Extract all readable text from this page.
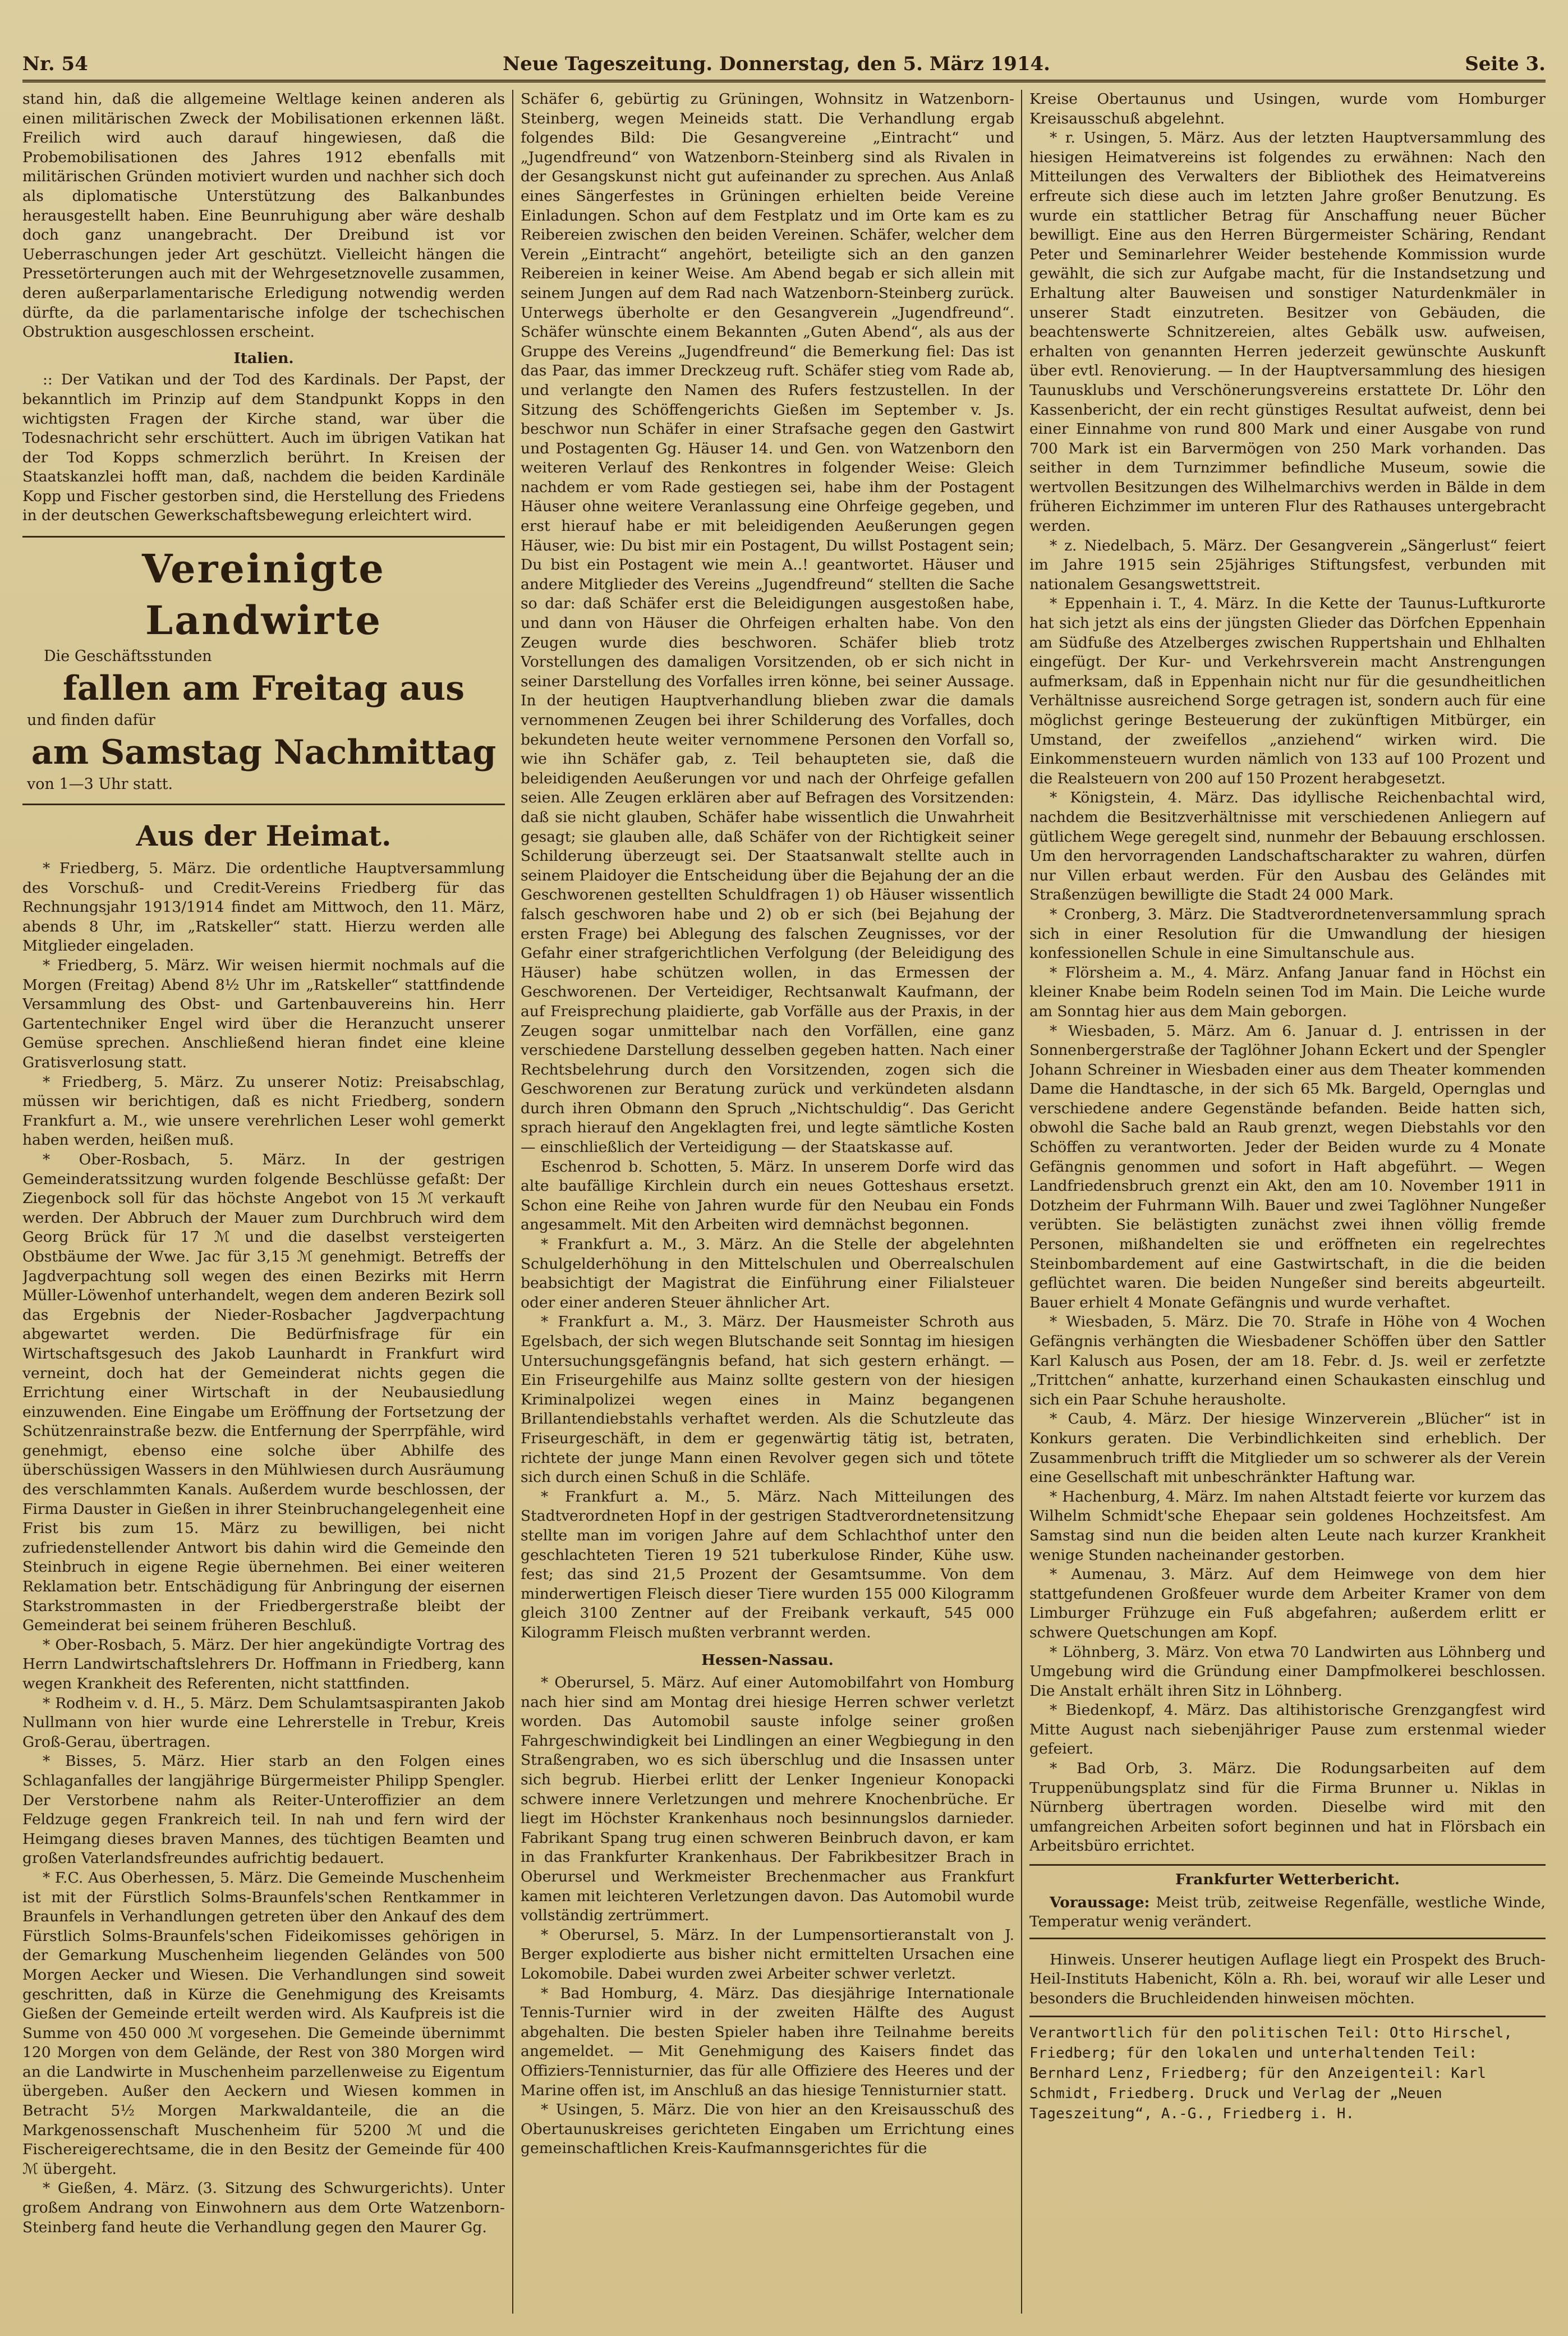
Nr. 54	Neue Tageszeitung. Donnerstag, den 5. März 1914.	Seite 3.

stand hin, daß die allgemeine Weltlage keinen anderen als einen militärischen Zweck der Mobilisationen erkennen läßt. Freilich wird auch darauf hingewiesen, daß die Probemobilisationen des Jahres 1912 ebenfalls mit militärischen Gründen motiviert wurden und nachher sich doch als diplomatische Unterstützung des Balkanbundes herausgestellt haben. Eine Beunruhigung aber wäre deshalb doch ganz unangebracht. Der Dreibund ist vor Ueberraschungen jeder Art geschützt. Vielleicht hängen die Pressetörterungen auch mit der Wehrgesetznovelle zusammen, deren außerparlamentarische Erledigung notwendig werden dürfte, da die parlamentarische infolge der tschechischen Obstruktion ausgeschlossen erscheint.

Italien.

:: Der Vatikan und der Tod des Kardinals. Der Papst, der bekanntlich im Prinzip auf dem Standpunkt Kopps in den wichtigsten Fragen der Kirche stand, war über die Todesnachricht sehr erschüttert. Auch im übrigen Vatikan hat der Tod Kopps schmerzlich berührt. In Kreisen der Staatskanzlei hofft man, daß, nachdem die beiden Kardinäle Kopp und Fischer gestorben sind, die Herstellung des Friedens in der deutschen Gewerkschaftsbewegung erleichtert wird.

Vereinigte Landwirte
Die Geschäftsstunden
fallen am Freitag aus
und finden dafür
am Samstag Nachmittag
von 1—3 Uhr statt.
Aus der Heimat.

* Friedberg, 5. März. Die ordentliche Hauptversammlung des Vorschuß- und Credit-Vereins Friedberg für das Rechnungsjahr 1913/1914 findet am Mittwoch, den 11. März, abends 8 Uhr, im „Ratskeller“ statt. Hierzu werden alle Mitglieder eingeladen.

* Friedberg, 5. März. Wir weisen hiermit nochmals auf die Morgen (Freitag) Abend 8½ Uhr im „Ratskeller“ stattfindende Versammlung des Obst- und Gartenbauvereins hin. Herr Gartentechniker Engel wird über die Heranzucht unserer Gemüse sprechen. Anschließend hieran findet eine kleine Gratisverlosung statt.

* Friedberg, 5. März. Zu unserer Notiz: Preisabschlag, müssen wir berichtigen, daß es nicht Friedberg, sondern Frankfurt a. M., wie unsere verehrlichen Leser wohl gemerkt haben werden, heißen muß.

* Ober-Rosbach, 5. März. In der gestrigen Gemeinderatssitzung wurden folgende Beschlüsse gefaßt: Der Ziegenbock soll für das höchste Angebot von 15 ℳ verkauft werden. Der Abbruch der Mauer zum Durchbruch wird dem Georg Brück für 17 ℳ und die daselbst versteigerten Obstbäume der Wwe. Jac für 3,15 ℳ genehmigt. Betreffs der Jagdverpachtung soll wegen des einen Bezirks mit Herrn Müller-Löwenhof unterhandelt, wegen dem anderen Bezirk soll das Ergebnis der Nieder-Rosbacher Jagdverpachtung abgewartet werden. Die Bedürfnisfrage für ein Wirtschaftsgesuch des Jakob Launhardt in Frankfurt wird verneint, doch hat der Gemeinderat nichts gegen die Errichtung einer Wirtschaft in der Neubausiedlung einzuwenden. Eine Eingabe um Eröffnung der Fortsetzung der Schützenrainstraße bezw. die Entfernung der Sperrpfähle, wird genehmigt, ebenso eine solche über Abhilfe des überschüssigen Wassers in den Mühlwiesen durch Ausräumung des verschlammten Kanals. Außerdem wurde beschlossen, der Firma Dauster in Gießen in ihrer Steinbruchangelegenheit eine Frist bis zum 15. März zu bewilligen, bei nicht zufriedenstellender Antwort bis dahin wird die Gemeinde den Steinbruch in eigene Regie übernehmen. Bei einer weiteren Reklamation betr. Entschädigung für Anbringung der eisernen Starkstrommasten in der Friedbergerstraße bleibt der Gemeinderat bei seinem früheren Beschluß.

* Ober-Rosbach, 5. März. Der hier angekündigte Vortrag des Herrn Landwirtschaftslehrers Dr. Hoffmann in Friedberg, kann wegen Krankheit des Referenten, nicht stattfinden.

* Rodheim v. d. H., 5. März. Dem Schulamtsaspiranten Jakob Nullmann von hier wurde eine Lehrerstelle in Trebur, Kreis Groß-Gerau, übertragen.

* Bisses, 5. März. Hier starb an den Folgen eines Schlaganfalles der langjährige Bürgermeister Philipp Spengler. Der Verstorbene nahm als Reiter-Unteroffizier an dem Feldzuge gegen Frankreich teil. In nah und fern wird der Heimgang dieses braven Mannes, des tüchtigen Beamten und großen Vaterlandsfreundes aufrichtig bedauert.

* F.C. Aus Oberhessen, 5. März. Die Gemeinde Muschenheim ist mit der Fürstlich Solms-Braunfels'schen Rentkammer in Braunfels in Verhandlungen getreten über den Ankauf des dem Fürstlich Solms-Braunfels'schen Fideikomisses gehörigen in der Gemarkung Muschenheim liegenden Geländes von 500 Morgen Aecker und Wiesen. Die Verhandlungen sind soweit geschritten, daß in Kürze die Genehmigung des Kreisamts Gießen der Gemeinde erteilt werden wird. Als Kaufpreis ist die Summe von 450 000 ℳ vorgesehen. Die Gemeinde übernimmt 120 Morgen von dem Gelände, der Rest von 380 Morgen wird an die Landwirte in Muschenheim parzellenweise zu Eigentum übergeben. Außer den Aeckern und Wiesen kommen in Betracht 5½ Morgen Markwaldanteile, die an die Markgenossenschaft Muschenheim für 5200 ℳ und die Fischereigerechtsame, die in den Besitz der Gemeinde für 400 ℳ übergeht.

* Gießen, 4. März. (3. Sitzung des Schwurgerichts). Unter großem Andrang von Einwohnern aus dem Orte Watzenborn-Steinberg fand heute die Verhandlung gegen den Maurer Gg.

Schäfer 6, gebürtig zu Grüningen, Wohnsitz in Watzenborn-Steinberg, wegen Meineids statt. Die Verhandlung ergab folgendes Bild: Die Gesangvereine „Eintracht“ und „Jugendfreund“ von Watzenborn-Steinberg sind als Rivalen in der Gesangskunst nicht gut aufeinander zu sprechen. Aus Anlaß eines Sängerfestes in Grüningen erhielten beide Vereine Einladungen. Schon auf dem Festplatz und im Orte kam es zu Reibereien zwischen den beiden Vereinen. Schäfer, welcher dem Verein „Eintracht“ angehört, beteiligte sich an den ganzen Reibereien in keiner Weise. Am Abend begab er sich allein mit seinem Jungen auf dem Rad nach Watzenborn-Steinberg zurück. Unterwegs überholte er den Gesangverein „Jugendfreund“. Schäfer wünschte einem Bekannten „Guten Abend“, als aus der Gruppe des Vereins „Jugendfreund“ die Bemerkung fiel: Das ist das Paar, das immer Dreckzeug ruft. Schäfer stieg vom Rade ab, und verlangte den Namen des Rufers festzustellen. In der Sitzung des Schöffengerichts Gießen im September v. Js. beschwor nun Schäfer in einer Strafsache gegen den Gastwirt und Postagenten Gg. Häuser 14. und Gen. von Watzenborn den weiteren Verlauf des Renkontres in folgender Weise: Gleich nachdem er vom Rade gestiegen sei, habe ihm der Postagent Häuser ohne weitere Veranlassung eine Ohrfeige gegeben, und erst hierauf habe er mit beleidigenden Aeußerungen gegen Häuser, wie: Du bist mir ein Postagent, Du willst Postagent sein; Du bist ein Postagent wie mein A..! geantwortet. Häuser und andere Mitglieder des Vereins „Jugendfreund“ stellten die Sache so dar: daß Schäfer erst die Beleidigungen ausgestoßen habe, und dann von Häuser die Ohrfeigen erhalten habe. Von den Zeugen wurde dies beschworen. Schäfer blieb trotz Vorstellungen des damaligen Vorsitzenden, ob er sich nicht in seiner Darstellung des Vorfalles irren könne, bei seiner Aussage. In der heutigen Hauptverhandlung blieben zwar die damals vernommenen Zeugen bei ihrer Schilderung des Vorfalles, doch bekundeten heute weiter vernommene Personen den Vorfall so, wie ihn Schäfer gab, z. Teil behaupteten sie, daß die beleidigenden Aeußerungen vor und nach der Ohrfeige gefallen seien. Alle Zeugen erklären aber auf Befragen des Vorsitzenden: daß sie nicht glauben, Schäfer habe wissentlich die Unwahrheit gesagt; sie glauben alle, daß Schäfer von der Richtigkeit seiner Schilderung überzeugt sei. Der Staatsanwalt stellte auch in seinem Plaidoyer die Entscheidung über die Bejahung der an die Geschworenen gestellten Schuldfragen 1) ob Häuser wissentlich falsch geschworen habe und 2) ob er sich (bei Bejahung der ersten Frage) bei Ablegung des falschen Zeugnisses, vor der Gefahr einer strafgerichtlichen Verfolgung (der Beleidigung des Häuser) habe schützen wollen, in das Ermessen der Geschworenen. Der Verteidiger, Rechtsanwalt Kaufmann, der auf Freisprechung plaidierte, gab Vorfälle aus der Praxis, in der Zeugen sogar unmittelbar nach den Vorfällen, eine ganz verschiedene Darstellung desselben gegeben hatten. Nach einer Rechtsbelehrung durch den Vorsitzenden, zogen sich die Geschworenen zur Beratung zurück und verkündeten alsdann durch ihren Obmann den Spruch „Nichtschuldig“. Das Gericht sprach hierauf den Angeklagten frei, und legte sämtliche Kosten — einschließlich der Verteidigung — der Staatskasse auf.

Eschenrod b. Schotten, 5. März. In unserem Dorfe wird das alte baufällige Kirchlein durch ein neues Gotteshaus ersetzt. Schon eine Reihe von Jahren wurde für den Neubau ein Fonds angesammelt. Mit den Arbeiten wird demnächst begonnen.

* Frankfurt a. M., 3. März. An die Stelle der abgelehnten Schulgelderhöhung in den Mittelschulen und Oberrealschulen beabsichtigt der Magistrat die Einführung einer Filialsteuer oder einer anderen Steuer ähnlicher Art.

* Frankfurt a. M., 3. März. Der Hausmeister Schroth aus Egelsbach, der sich wegen Blutschande seit Sonntag im hiesigen Untersuchungsgefängnis befand, hat sich gestern erhängt. — Ein Friseurgehilfe aus Mainz sollte gestern von der hiesigen Kriminalpolizei wegen eines in Mainz begangenen Brillantendiebstahls verhaftet werden. Als die Schutzleute das Friseurgeschäft, in dem er gegenwärtig tätig ist, betraten, richtete der junge Mann einen Revolver gegen sich und tötete sich durch einen Schuß in die Schläfe.

* Frankfurt a. M., 5. März. Nach Mitteilungen des Stadtverordneten Hopf in der gestrigen Stadtverordnetensitzung stellte man im vorigen Jahre auf dem Schlachthof unter den geschlachteten Tieren 19 521 tuberkulose Rinder, Kühe usw. fest; das sind 21,5 Prozent der Gesamtsumme. Von dem minderwertigen Fleisch dieser Tiere wurden 155 000 Kilogramm gleich 3100 Zentner auf der Freibank verkauft, 545 000 Kilogramm Fleisch mußten verbrannt werden.

Hessen-Nassau.

* Oberursel, 5. März. Auf einer Automobilfahrt von Homburg nach hier sind am Montag drei hiesige Herren schwer verletzt worden. Das Automobil sauste infolge seiner großen Fahrgeschwindigkeit bei Lindlingen an einer Wegbiegung in den Straßengraben, wo es sich überschlug und die Insassen unter sich begrub. Hierbei erlitt der Lenker Ingenieur Konopacki schwere innere Verletzungen und mehrere Knochenbrüche. Er liegt im Höchster Krankenhaus noch besinnungslos darnieder. Fabrikant Spang trug einen schweren Beinbruch davon, er kam in das Frankfurter Krankenhaus. Der Fabrikbesitzer Brach in Oberursel und Werkmeister Brechenmacher aus Frankfurt kamen mit leichteren Verletzungen davon. Das Automobil wurde vollständig zertrümmert.

* Oberursel, 5. März. In der Lumpensortieranstalt von J. Berger explodierte aus bisher nicht ermittelten Ursachen eine Lokomobile. Dabei wurden zwei Arbeiter schwer verletzt.

* Bad Homburg, 4. März. Das diesjährige Internationale Tennis-Turnier wird in der zweiten Hälfte des August abgehalten. Die besten Spieler haben ihre Teilnahme bereits angemeldet. — Mit Genehmigung des Kaisers findet das Offiziers-Tennisturnier, das für alle Offiziere des Heeres und der Marine offen ist, im Anschluß an das hiesige Tennisturnier statt.

* Usingen, 5. März. Die von hier an den Kreisausschuß des Obertaunuskreises gerichteten Eingaben um Errichtung eines gemeinschaftlichen Kreis-Kaufmannsgerichtes für die

Kreise Obertaunus und Usingen, wurde vom Homburger Kreisausschuß abgelehnt.

* r. Usingen, 5. März. Aus der letzten Hauptversammlung des hiesigen Heimatvereins ist folgendes zu erwähnen: Nach den Mitteilungen des Verwalters der Bibliothek des Heimatvereins erfreute sich diese auch im letzten Jahre großer Benutzung. Es wurde ein stattlicher Betrag für Anschaffung neuer Bücher bewilligt. Eine aus den Herren Bürgermeister Schäring, Rendant Peter und Seminarlehrer Weider bestehende Kommission wurde gewählt, die sich zur Aufgabe macht, für die Instandsetzung und Erhaltung alter Bauweisen und sonstiger Naturdenkmäler in unserer Stadt einzutreten. Besitzer von Gebäuden, die beachtenswerte Schnitzereien, altes Gebälk usw. aufweisen, erhalten von genannten Herren jederzeit gewünschte Auskunft über evtl. Renovierung. — In der Hauptversammlung des hiesigen Taunusklubs und Verschönerungsvereins erstattete Dr. Löhr den Kassenbericht, der ein recht günstiges Resultat aufweist, denn bei einer Einnahme von rund 800 Mark und einer Ausgabe von rund 700 Mark ist ein Barvermögen von 250 Mark vorhanden. Das seither in dem Turnzimmer befindliche Museum, sowie die wertvollen Besitzungen des Wilhelmarchivs werden in Bälde in dem früheren Eichzimmer im unteren Flur des Rathauses untergebracht werden.

* z. Niedelbach, 5. März. Der Gesangverein „Sängerlust“ feiert im Jahre 1915 sein 25jähriges Stiftungsfest, verbunden mit nationalem Gesangswettstreit.

* Eppenhain i. T., 4. März. In die Kette der Taunus-Luftkurorte hat sich jetzt als eins der jüngsten Glieder das Dörfchen Eppenhain am Südfuße des Atzelberges zwischen Ruppertshain und Ehlhalten eingefügt. Der Kur- und Verkehrsverein macht Anstrengungen aufmerksam, daß in Eppenhain nicht nur für die gesundheitlichen Verhältnisse ausreichend Sorge getragen ist, sondern auch für eine möglichst geringe Besteuerung der zukünftigen Mitbürger, ein Umstand, der zweifellos „anziehend“ wirken wird. Die Einkommensteuern wurden nämlich von 133 auf 100 Prozent und die Realsteuern von 200 auf 150 Prozent herabgesetzt.

* Königstein, 4. März. Das idyllische Reichenbachtal wird, nachdem die Besitzverhältnisse mit verschiedenen Anliegern auf gütlichem Wege geregelt sind, nunmehr der Bebauung erschlossen. Um den hervorragenden Landschaftscharakter zu wahren, dürfen nur Villen erbaut werden. Für den Ausbau des Geländes mit Straßenzügen bewilligte die Stadt 24 000 Mark.

* Cronberg, 3. März. Die Stadtverordnetenversammlung sprach sich in einer Resolution für die Umwandlung der hiesigen konfessionellen Schule in eine Simultanschule aus.

* Flörsheim a. M., 4. März. Anfang Januar fand in Höchst ein kleiner Knabe beim Rodeln seinen Tod im Main. Die Leiche wurde am Sonntag hier aus dem Main geborgen.

* Wiesbaden, 5. März. Am 6. Januar d. J. entrissen in der Sonnenbergerstraße der Taglöhner Johann Eckert und der Spengler Johann Schreiner in Wiesbaden einer aus dem Theater kommenden Dame die Handtasche, in der sich 65 Mk. Bargeld, Opernglas und verschiedene andere Gegenstände befanden. Beide hatten sich, obwohl die Sache bald an Raub grenzt, wegen Diebstahls vor den Schöffen zu verantworten. Jeder der Beiden wurde zu 4 Monate Gefängnis genommen und sofort in Haft abgeführt. — Wegen Landfriedensbruch grenzt ein Akt, den am 10. November 1911 in Dotzheim der Fuhrmann Wilh. Bauer und zwei Taglöhner Nungeßer verübten. Sie belästigten zunächst zwei ihnen völlig fremde Personen, mißhandelten sie und eröffneten ein regelrechtes Steinbombardement auf eine Gastwirtschaft, in die die beiden geflüchtet waren. Die beiden Nungeßer sind bereits abgeurteilt. Bauer erhielt 4 Monate Gefängnis und wurde verhaftet.

* Wiesbaden, 5. März. Die 70. Strafe in Höhe von 4 Wochen Gefängnis verhängten die Wiesbadener Schöffen über den Sattler Karl Kalusch aus Posen, der am 18. Febr. d. Js. weil er zerfetzte „Trittchen“ anhatte, kurzerhand einen Schaukasten einschlug und sich ein Paar Schuhe herausholte.

* Caub, 4. März. Der hiesige Winzerverein „Blücher“ ist in Konkurs geraten. Die Verbindlichkeiten sind erheblich. Der Zusammenbruch trifft die Mitglieder um so schwerer als der Verein eine Gesellschaft mit unbeschränkter Haftung war.

* Hachenburg, 4. März. Im nahen Altstadt feierte vor kurzem das Wilhelm Schmidt'sche Ehepaar sein goldenes Hochzeitsfest. Am Samstag sind nun die beiden alten Leute nach kurzer Krankheit wenige Stunden nacheinander gestorben.

* Aumenau, 3. März. Auf dem Heimwege von dem hier stattgefundenen Großfeuer wurde dem Arbeiter Kramer von dem Limburger Frühzuge ein Fuß abgefahren; außerdem erlitt er schwere Quetschungen am Kopf.

* Löhnberg, 3. März. Von etwa 70 Landwirten aus Löhnberg und Umgebung wird die Gründung einer Dampfmolkerei beschlossen. Die Anstalt erhält ihren Sitz in Löhnberg.

* Biedenkopf, 4. März. Das altihistorische Grenzgangfest wird Mitte August nach siebenjähriger Pause zum erstenmal wieder gefeiert.

* Bad Orb, 3. März. Die Rodungsarbeiten auf dem Truppenübungsplatz sind für die Firma Brunner u. Niklas in Nürnberg übertragen worden. Dieselbe wird mit den umfangreichen Arbeiten sofort beginnen und hat in Flörsbach ein Arbeitsbüro errichtet.

Frankfurter Wetterbericht.

Voraussage: Meist trüb, zeitweise Regenfälle, westliche Winde, Temperatur wenig verändert.

Hinweis. Unserer heutigen Auflage liegt ein Prospekt des Bruch-Heil-Instituts Habenicht, Köln a. Rh. bei, worauf wir alle Leser und besonders die Bruchleidenden hinweisen möchten.

Verantwortlich für den politischen Teil: Otto Hirschel, Friedberg; für den lokalen und unterhaltenden Teil: Bernhard Lenz, Friedberg; für den Anzeigenteil: Karl Schmidt, Friedberg. Druck und Verlag der „Neuen Tageszeitung“, A.-G., Friedberg i. H.
